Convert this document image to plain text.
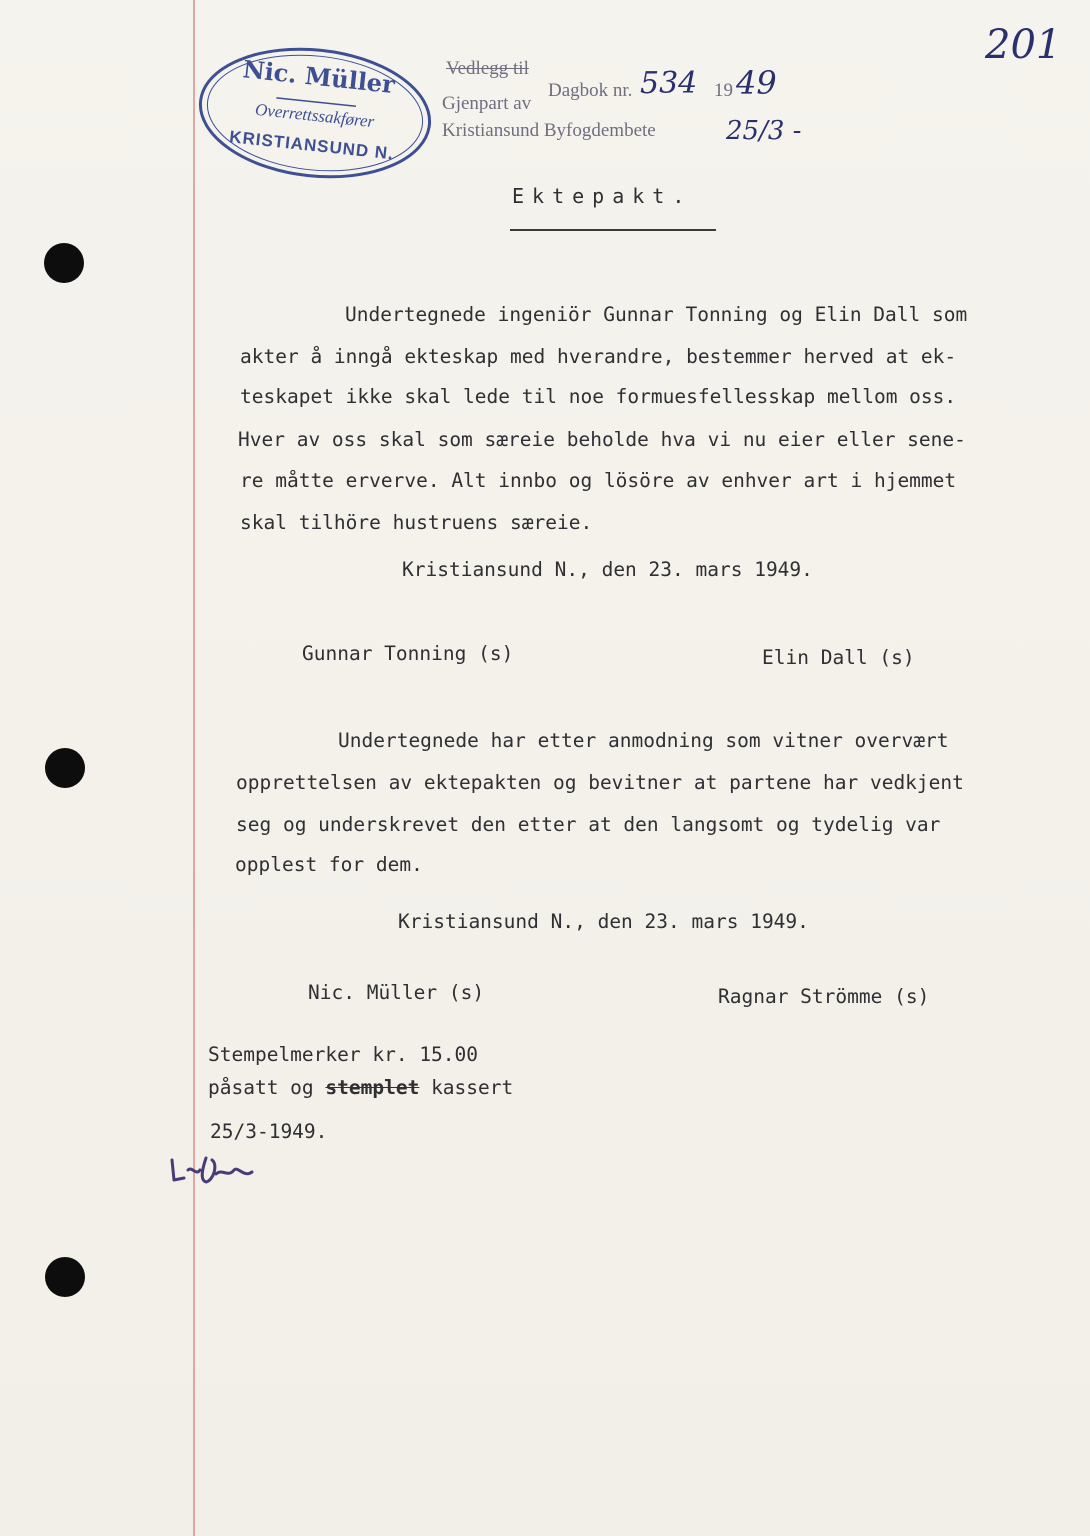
201
Nic. Müller
Overrettssakfører
KRISTIANSUND N.
Vedlegg til
Dagbok nr. 534 19 49
Gjenpart av
Kristiansund Byfogdembete	25/3 -
Ektepakt.
Undertegnede ingeniör Gunnar Tonning og Elin Dall som
akter å inngå ekteskap med hverandre, bestemmer herved at ek-
teskapet ikke skal lede til noe formuesfellesskap mellom oss.
Hver av oss skal som særeie beholde hva vi nu eier eller sene-
re måtte erverve. Alt innbo og lösöre av enhver art i hjemmet
skal tilhöre hustruens særeie.
Kristiansund N., den 23. mars 1949.
Gunnar Tonning (s)	Elin Dall (s)
Undertegnede har etter anmodning som vitner overvært
opprettelsen av ektepakten og bevitner at partene har vedkjent
seg og underskrevet den etter at den langsomt og tydelig var
opplest for dem.
Kristiansund N., den 23. mars 1949.
Nic. Müller (s)	Ragnar Strömme (s)
Stempelmerker kr. 15.00
påsatt og stemplet kassert
25/3-1949.
